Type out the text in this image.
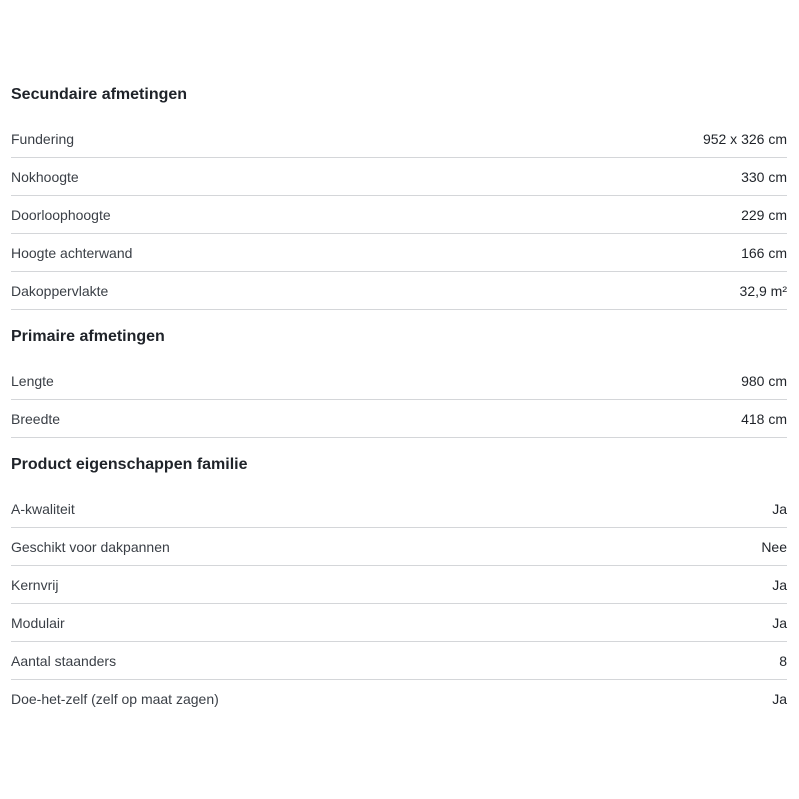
Secundaire afmetingen
Fundering	952 x 326 cm
Nokhoogte	330 cm
Doorloophoogte	229 cm
Hoogte achterwand	166 cm
Dakoppervlakte	32,9 m²
Primaire afmetingen
Lengte	980 cm
Breedte	418 cm
Product eigenschappen familie
A-kwaliteit	Ja
Geschikt voor dakpannen	Nee
Kernvrij	Ja
Modulair	Ja
Aantal staanders	8
Doe-het-zelf (zelf op maat zagen)	Ja
